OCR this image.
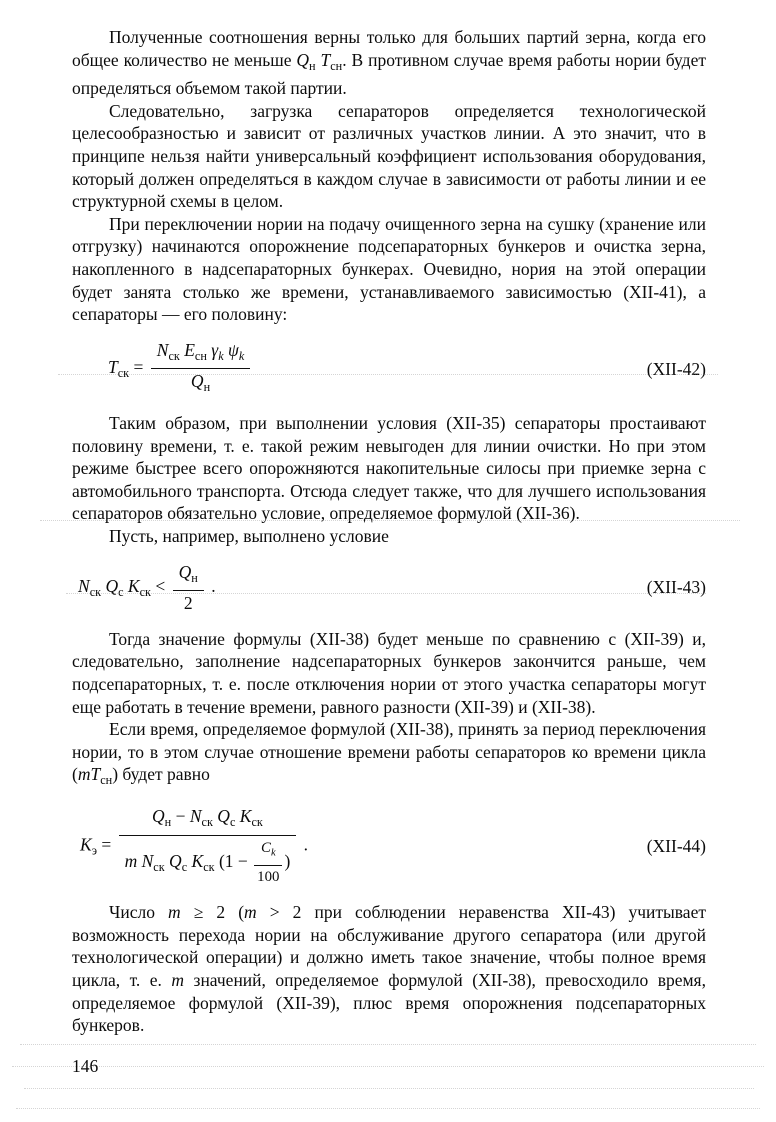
Полученные соотношения верны только для больших партий зерна, когда его общее количество не меньше $Q_н$ $T_{сн}$. В противном случае время работы нории будет определяться объемом такой партии.

Следовательно, загрузка сепараторов определяется технологической целесообразностью и зависит от различных участков линии. А это значит, что в принципе нельзя найти универсальный коэффициент использования оборудования, который должен определяться в каждом случае в зависимости от работы линии и ее структурной схемы в целом.

При переключении нории на подачу очищенного зерна на сушку (хранение или отгрузку) начинаются опорожнение подсепараторных бункеров и очистка зерна, накопленного в надсепараторных бункерах. Очевидно, нория на этой операции будет занята столько же времени, устанавливаемого зависимостью (XII-41), а сепараторы — его половину:

$T_{ск} = \frac{N_{ск} E_{сн} \gamma_k \psi_k}{Q_н}$	(XII-42)

Таким образом, при выполнении условия (XII-35) сепараторы простаивают половину времени, т. е. такой режим невыгоден для линии очистки. Но при этом режиме быстрее всего опорожняются накопительные силосы при приемке зерна с автомобильного транспорта. Отсюда следует также, что для лучшего использования сепараторов обязательно условие, определяемое формулой (XII-36).

Пусть, например, выполнено условие

$N_{ск}$ $Q_с$ $K_{ск} < \frac{Q_н}{2}$ .	(XII-43)

Тогда значение формулы (XII-38) будет меньше по сравнению с (XII-39) и, следовательно, заполнение надсепараторных бункеров закончится раньше, чем подсепараторных, т. е. после отключения нории от этого участка сепараторы могут еще работать в течение времени, равного разности (XII-39) и (XII-38).

Если время, определяемое формулой (XII-38), принять за период переключения нории, то в этом случае отношение времени работы сепараторов ко времени цикла $(mT_{сн})$ будет равно

$K_э = \frac{Q_н - N_{ск} Q_с K_{ск}}{m N_{ск} Q_с K_{ск} (1 - \frac{C_k}{100} )}$ .	(XII-44)

Число m ≥ 2 (m > 2 при соблюдении неравенства XII-43) учитывает возможность перехода нории на обслуживание другого сепаратора (или другой технологической операции) и должно иметь такое значение, чтобы полное время цикла, т. е. m значений, определяемое формулой (XII-38), превосходило время, определяемое формулой (XII-39), плюс время опорожнения подсепараторных бункеров.

146
